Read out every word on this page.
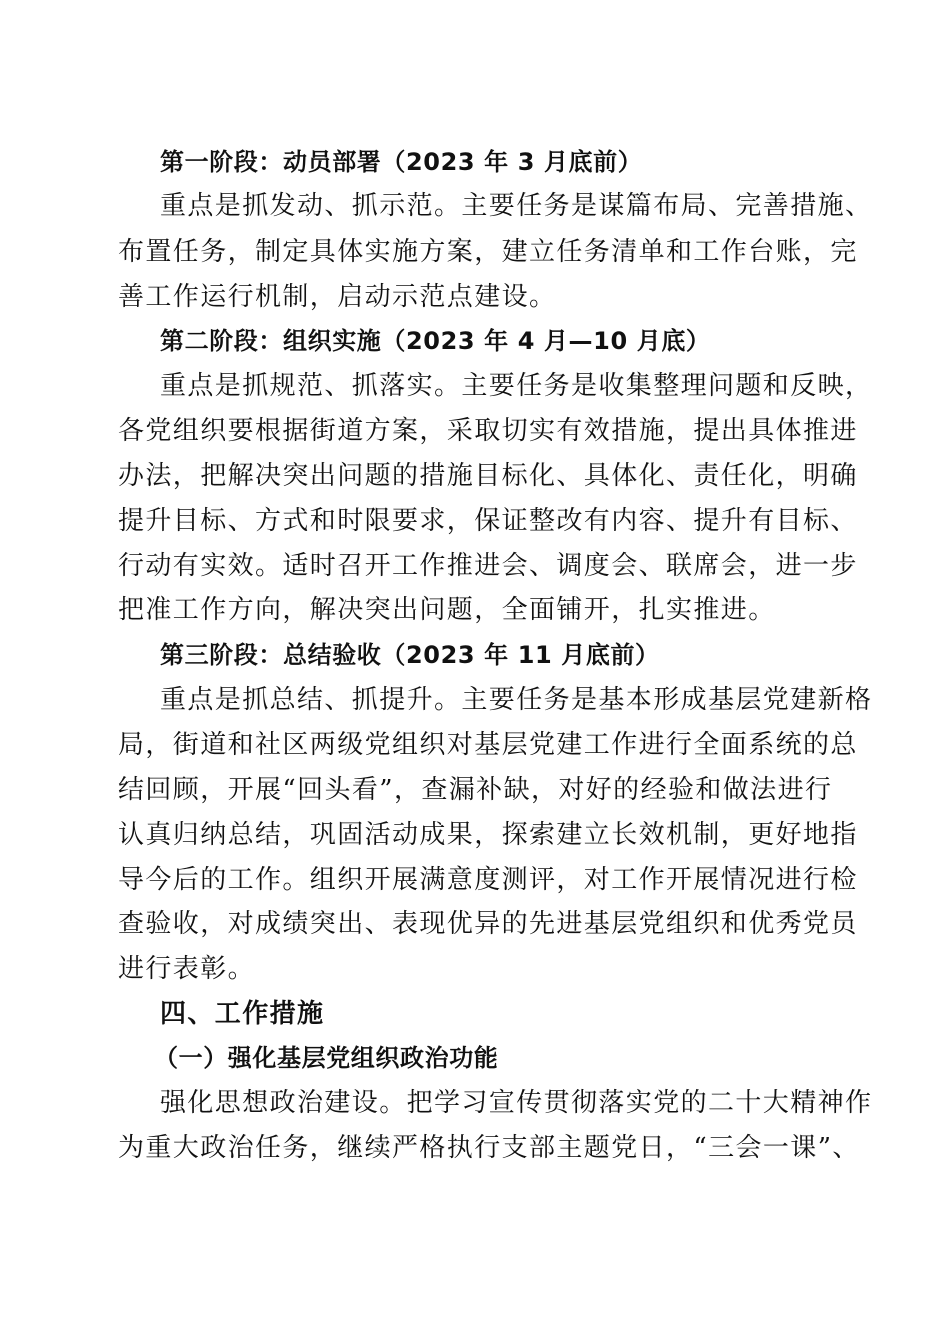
第一阶段：动员部署（2023 年 3 月底前）
重点是抓发动、抓示范。主要任务是谋篇布局、完善措施、
布置任务，制定具体实施方案，建立任务清单和工作台账，完
善工作运行机制，启动示范点建设。
第二阶段：组织实施（2023 年 4 月—10 月底）
重点是抓规范、抓落实。主要任务是收集整理问题和反映，
各党组织要根据街道方案，采取切实有效措施，提出具体推进
办法，把解决突出问题的措施目标化、具体化、责任化，明确
提升目标、方式和时限要求，保证整改有内容、提升有目标、
行动有实效。适时召开工作推进会、调度会、联席会，进一步
把准工作方向，解决突出问题，全面铺开，扎实推进。
第三阶段：总结验收（2023 年 11 月底前）
重点是抓总结、抓提升。主要任务是基本形成基层党建新格
局，街道和社区两级党组织对基层党建工作进行全面系统的总
结回顾，开展“回头看”，查漏补缺，对好的经验和做法进行
认真归纳总结，巩固活动成果，探索建立长效机制，更好地指
导今后的工作。组织开展满意度测评，对工作开展情况进行检
查验收，对成绩突出、表现优异的先进基层党组织和优秀党员
进行表彰。
四、工作措施
（一）强化基层党组织政治功能
强化思想政治建设。把学习宣传贯彻落实党的二十大精神作
为重大政治任务，继续严格执行支部主题党日，“三会一课”、
